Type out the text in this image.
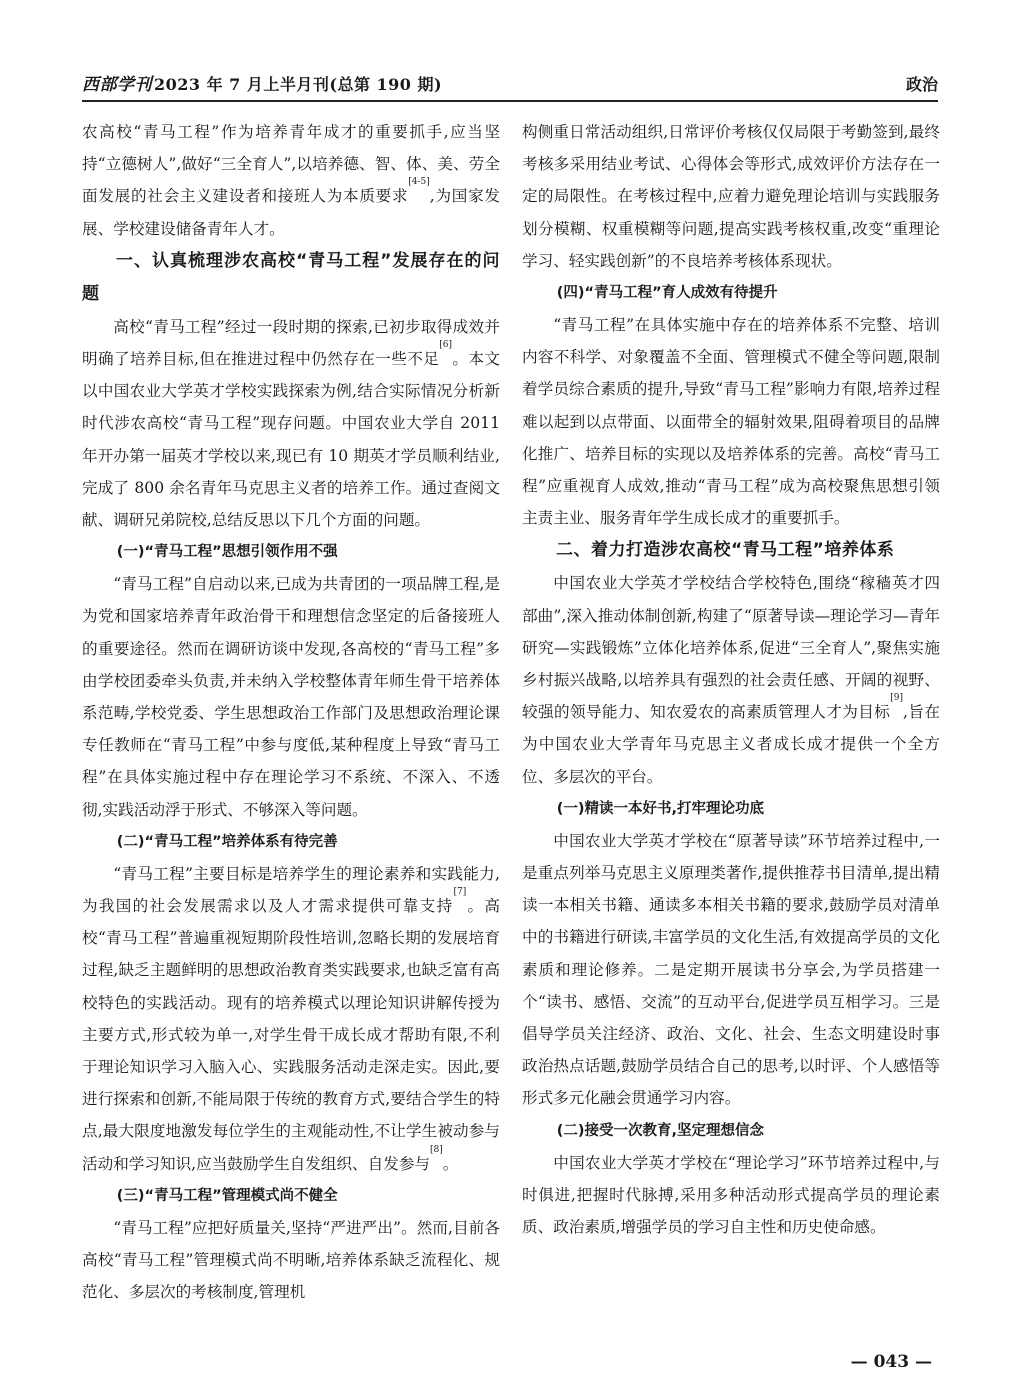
西部学刊 2023 年 7 月上半月刊(总第 190 期)	政治

农高校“青马工程”作为培养青年成才的重要抓手,应当坚持“立德树人”,做好“三全育人”,以培养德、智、体、美、劳全面发展的社会主义建设者和接班人为本质要求[4-5],为国家发展、学校建设储备青年人才。

一、认真梳理涉农高校“青马工程”发展存在的问题

高校“青马工程”经过一段时期的探索,已初步取得成效并明确了培养目标,但在推进过程中仍然存在一些不足[6]。本文以中国农业大学英才学校实践探索为例,结合实际情况分析新时代涉农高校“青马工程”现存问题。中国农业大学自 2011 年开办第一届英才学校以来,现已有 10 期英才学员顺利结业,完成了 800 余名青年马克思主义者的培养工作。通过查阅文献、调研兄弟院校,总结反思以下几个方面的问题。

(一)“青马工程”思想引领作用不强

“青马工程”自启动以来,已成为共青团的一项品牌工程,是为党和国家培养青年政治骨干和理想信念坚定的后备接班人的重要途径。然而在调研访谈中发现,各高校的“青马工程”多由学校团委牵头负责,并未纳入学校整体青年师生骨干培养体系范畴,学校党委、学生思想政治工作部门及思想政治理论课专任教师在“青马工程”中参与度低,某种程度上导致“青马工程”在具体实施过程中存在理论学习不系统、不深入、不透彻,实践活动浮于形式、不够深入等问题。

(二)“青马工程”培养体系有待完善

“青马工程”主要目标是培养学生的理论素养和实践能力,为我国的社会发展需求以及人才需求提供可靠支持[7]。高校“青马工程”普遍重视短期阶段性培训,忽略长期的发展培育过程,缺乏主题鲜明的思想政治教育类实践要求,也缺乏富有高校特色的实践活动。现有的培养模式以理论知识讲解传授为主要方式,形式较为单一,对学生骨干成长成才帮助有限,不利于理论知识学习入脑入心、实践服务活动走深走实。因此,要进行探索和创新,不能局限于传统的教育方式,要结合学生的特点,最大限度地激发每位学生的主观能动性,不让学生被动参与活动和学习知识,应当鼓励学生自发组织、自发参与[8]。

(三)“青马工程”管理模式尚不健全

“青马工程”应把好质量关,坚持“严进严出”。然而,目前各高校“青马工程”管理模式尚不明晰,培养体系缺乏流程化、规范化、多层次的考核制度,管理机

构侧重日常活动组织,日常评价考核仅仅局限于考勤签到,最终考核多采用结业考试、心得体会等形式,成效评价方法存在一定的局限性。在考核过程中,应着力避免理论培训与实践服务划分模糊、权重模糊等问题,提高实践考核权重,改变“重理论学习、轻实践创新”的不良培养考核体系现状。

(四)“青马工程”育人成效有待提升

“青马工程”在具体实施中存在的培养体系不完整、培训内容不科学、对象覆盖不全面、管理模式不健全等问题,限制着学员综合素质的提升,导致“青马工程”影响力有限,培养过程难以起到以点带面、以面带全的辐射效果,阻碍着项目的品牌化推广、培养目标的实现以及培养体系的完善。高校“青马工程”应重视育人成效,推动“青马工程”成为高校聚焦思想引领主责主业、服务青年学生成长成才的重要抓手。

二、着力打造涉农高校“青马工程”培养体系

中国农业大学英才学校结合学校特色,围绕“稼穑英才四部曲”,深入推动体制创新,构建了“原著导读—理论学习—青年研究—实践锻炼”立体化培养体系,促进“三全育人”,聚焦实施乡村振兴战略,以培养具有强烈的社会责任感、开阔的视野、较强的领导能力、知农爱农的高素质管理人才为目标[9],旨在为中国农业大学青年马克思主义者成长成才提供一个全方位、多层次的平台。

(一)精读一本好书,打牢理论功底

中国农业大学英才学校在“原著导读”环节培养过程中,一是重点列举马克思主义原理类著作,提供推荐书目清单,提出精读一本相关书籍、通读多本相关书籍的要求,鼓励学员对清单中的书籍进行研读,丰富学员的文化生活,有效提高学员的文化素质和理论修养。二是定期开展读书分享会,为学员搭建一个“读书、感悟、交流”的互动平台,促进学员互相学习。三是倡导学员关注经济、政治、文化、社会、生态文明建设时事政治热点话题,鼓励学员结合自己的思考,以时评、个人感悟等形式多元化融会贯通学习内容。

(二)接受一次教育,坚定理想信念

中国农业大学英才学校在“理论学习”环节培养过程中,与时俱进,把握时代脉搏,采用多种活动形式提高学员的理论素质、政治素质,增强学员的学习自主性和历史使命感。

— 043 —
